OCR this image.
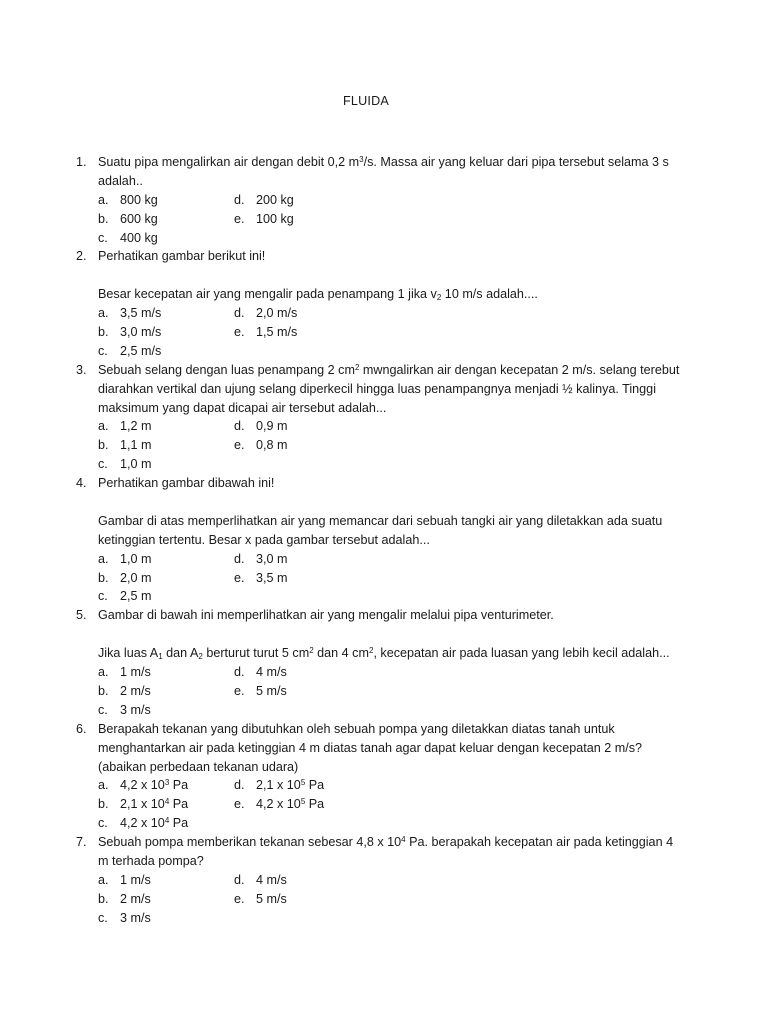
FLUIDA
1. Suatu pipa mengalirkan air dengan debit 0,2 $m^3/s$. Massa air yang keluar dari pipa tersebut selama 3 s
adalah..
a. 800 kg	d. 200 kg
b. 600 kg	e. 100 kg
c. 400 kg
2. Perhatikan gambar berikut ini!
Besar kecepatan air yang mengalir pada penampang 1 jika $v_2$ 10 m/s adalah....
a. 3,5 m/s	d. 2,0 m/s
b. 3,0 m/s	e. 1,5 m/s
c. 2,5 m/s
3. Sebuah selang dengan luas penampang 2 $cm^2$ mwngalirkan air dengan kecepatan 2 m/s. selang terebut
diarahkan vertikal dan ujung selang diperkecil hingga luas penampangnya menjadi ½ kalinya. Tinggi
maksimum yang dapat dicapai air tersebut adalah...
a. 1,2 m	d. 0,9 m
b. 1,1 m	e. 0,8 m
c. 1,0 m
4. Perhatikan gambar dibawah ini!
Gambar di atas memperlihatkan air yang memancar dari sebuah tangki air yang diletakkan ada suatu
ketinggian tertentu. Besar x pada gambar tersebut adalah...
a. 1,0 m	d. 3,0 m
b. 2,0 m	e. 3,5 m
c. 2,5 m
5. Gambar di bawah ini memperlihatkan air yang mengalir melalui pipa venturimeter.
Jika luas $A_1$ dan $A_2$ berturut turut 5 $cm^2$ dan 4 $cm^2$, kecepatan air pada luasan yang lebih kecil adalah...
a. 1 m/s	d. 4 m/s
b. 2 m/s	e. 5 m/s
c. 3 m/s
6. Berapakah tekanan yang dibutuhkan oleh sebuah pompa yang diletakkan diatas tanah untuk
menghantarkan air pada ketinggian 4 m diatas tanah agar dapat keluar dengan kecepatan 2 m/s?
(abaikan perbedaan tekanan udara)
a. 4,2 x $10^3$ Pa	d. 2,1 x $10^5$ Pa
b. 2,1 x $10^4$ Pa	e. 4,2 x $10^5$ Pa
c. 4,2 x $10^4$ Pa
7. Sebuah pompa memberikan tekanan sebesar 4,8 x $10^4$ Pa. berapakah kecepatan air pada ketinggian 4
m terhada pompa?
a. 1 m/s	d. 4 m/s
b. 2 m/s	e. 5 m/s
c. 3 m/s
